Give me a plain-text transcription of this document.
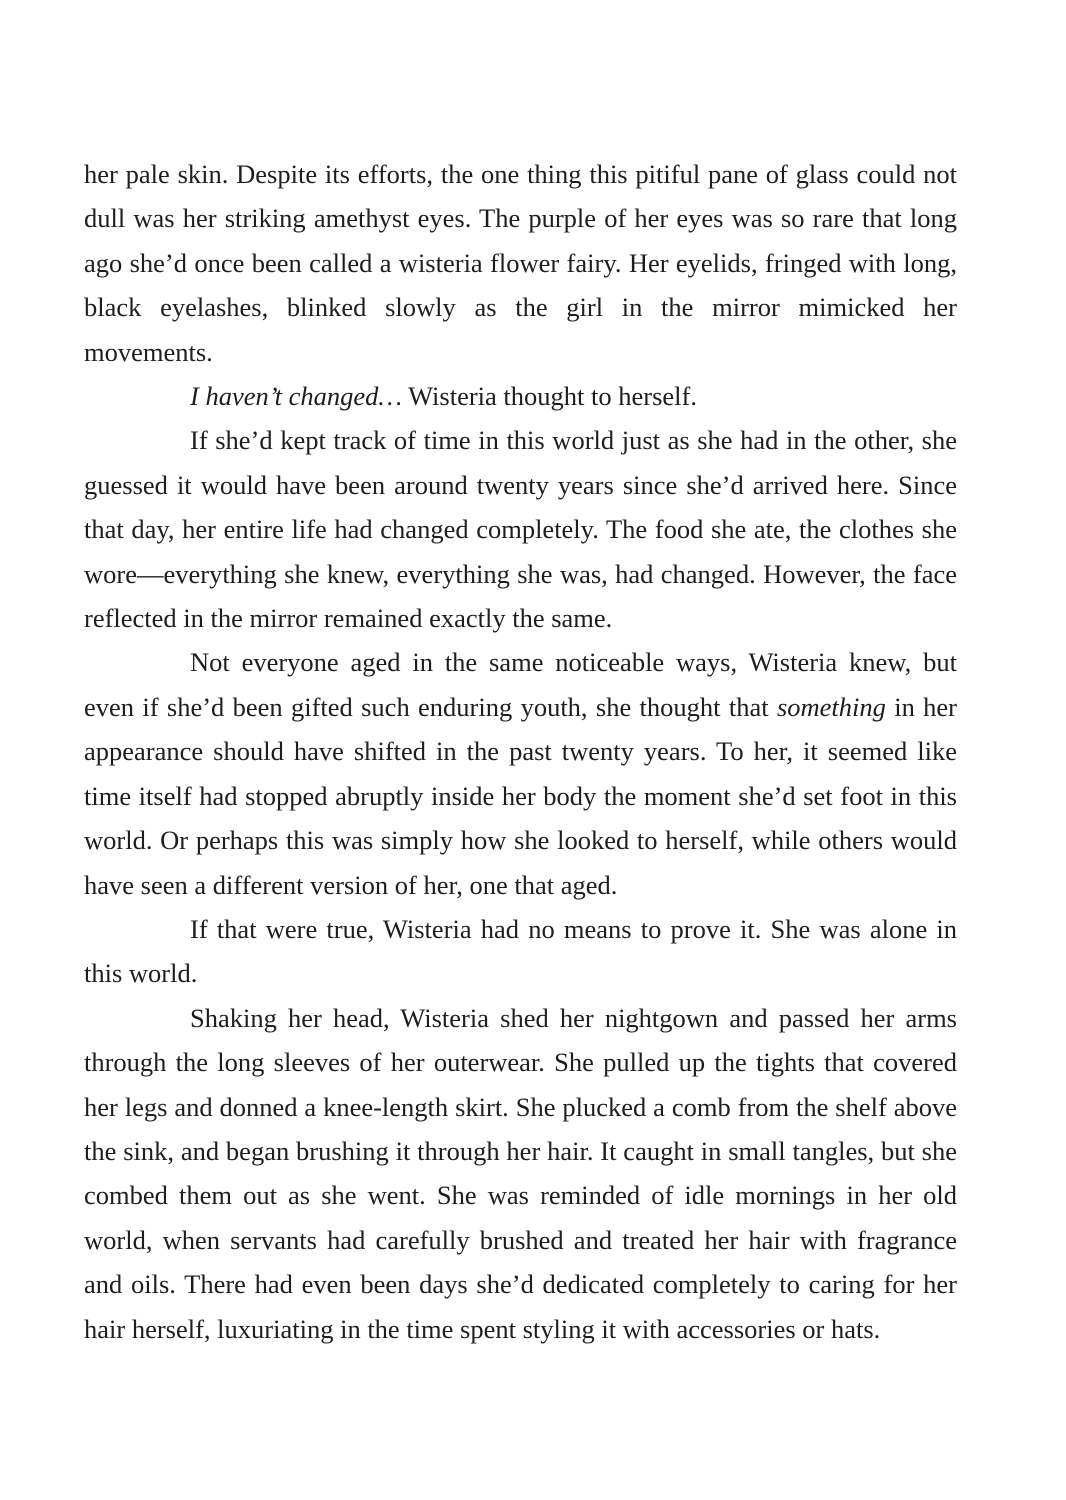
her pale skin. Despite its efforts, the one thing this pitiful pane of glass could not dull was her striking amethyst eyes. The purple of her eyes was so rare that long ago she’d once been called a wisteria flower fairy. Her eyelids, fringed with long, black eyelashes, blinked slowly as the girl in the mirror mimicked her movements.

I haven’t changed… Wisteria thought to herself.

If she’d kept track of time in this world just as she had in the other, she guessed it would have been around twenty years since she’d arrived here. Since that day, her entire life had changed completely. The food she ate, the clothes she wore—everything she knew, everything she was, had changed. However, the face reflected in the mirror remained exactly the same.

Not everyone aged in the same noticeable ways, Wisteria knew, but even if she’d been gifted such enduring youth, she thought that something in her appearance should have shifted in the past twenty years. To her, it seemed like time itself had stopped abruptly inside her body the moment she’d set foot in this world. Or perhaps this was simply how she looked to herself, while others would have seen a different version of her, one that aged.

If that were true, Wisteria had no means to prove it. She was alone in this world.

Shaking her head, Wisteria shed her nightgown and passed her arms through the long sleeves of her outerwear. She pulled up the tights that covered her legs and donned a knee-length skirt. She plucked a comb from the shelf above the sink, and began brushing it through her hair. It caught in small tangles, but she combed them out as she went. She was reminded of idle mornings in her old world, when servants had carefully brushed and treated her hair with fragrance and oils. There had even been days she’d dedicated completely to caring for her hair herself, luxuriating in the time spent styling it with accessories or hats.
